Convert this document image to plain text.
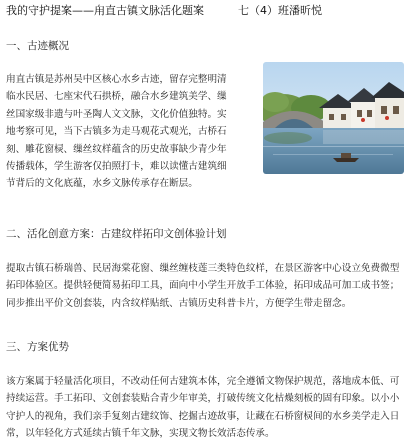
我的守护提案——甪直古镇文脉活化题案	七（4）班潘昕悦
一、古迹概况

甪直古镇是苏州吴中区核心水乡古迹，留存完整明清临水民居、七座宋代石拱桥，融合水乡建筑美学、缫丝国家级非遗与叶圣陶人文文脉，文化价值独特。实地考察可见，当下古镇多为走马观花式观光，古桥石刻、雕花窗棂、缫丝纹样蕴含的历史故事缺少青少年传播载体，学生游客仅拍照打卡，难以读懂古建筑细节背后的文化底蕴，水乡文脉传承存在断层。

二、活化创意方案：古建纹样拓印文创体验计划

提取古镇石桥瑞兽、民居海棠花窗、缫丝缠枝莲三类特色纹样，在景区游客中心设立免费微型拓印体验区。提供轻便简易拓印工具，面向中小学生开放手工体验，拓印成品可加工成书签；同步推出平价文创套装，内含纹样贴纸、古镇历史科普卡片，方便学生带走留念。

三、方案优势

该方案属于轻量活化项目，不改动任何古建筑本体，完全遵循文物保护规范，落地成本低、可持续运营。手工拓印、文创套装贴合青少年审美，打破传统文化枯燥刻板的固有印象。以小小守护人的视角，我们亲手复刻古建纹饰、挖掘古迹故事，让藏在石桥窗棂间的水乡美学走入日常，以年轻化方式延续古镇千年文脉，实现文物长效活态传承。
